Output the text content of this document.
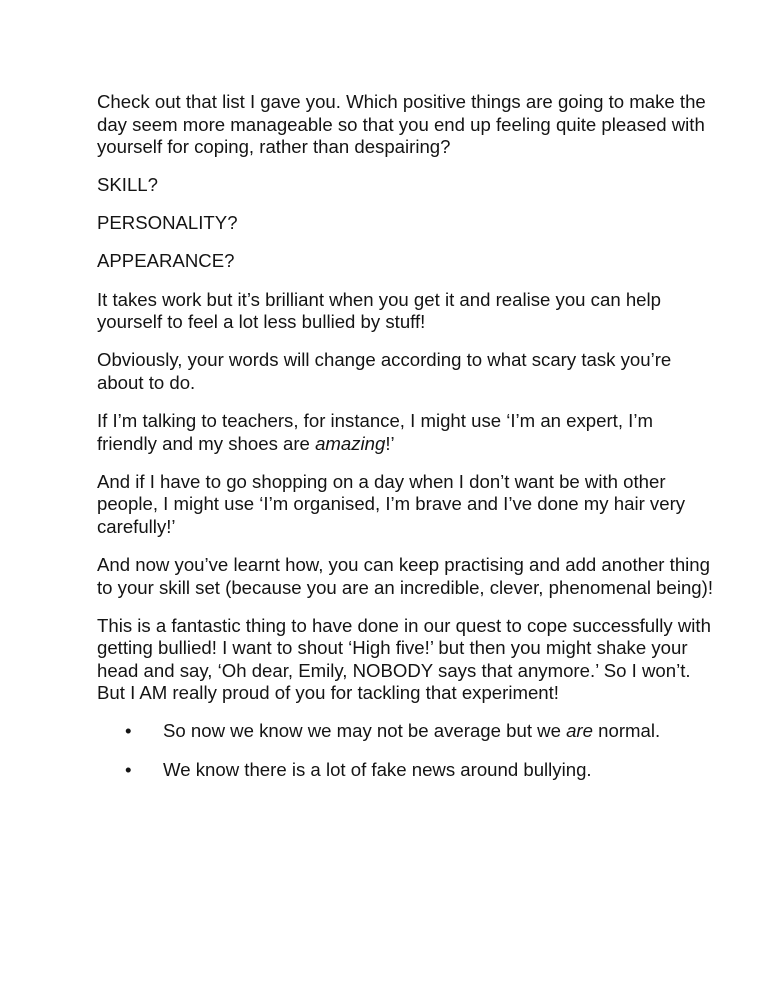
Check out that list I gave you. Which positive things are going to make the day seem more manageable so that you end up feeling quite pleased with yourself for coping, rather than despairing?

SKILL?

PERSONALITY?

APPEARANCE?

It takes work but it’s brilliant when you get it and realise you can help yourself to feel a lot less bullied by stuff!

Obviously, your words will change according to what scary task you’re about to do.

If I’m talking to teachers, for instance, I might use ‘I’m an expert, I’m friendly and my shoes are amazing!’

And if I have to go shopping on a day when I don’t want be with other people, I might use ‘I’m organised, I’m brave and I’ve done my hair very carefully!’

And now you’ve learnt how, you can keep practising and add another thing to your skill set (because you are an incredible, clever, phenomenal being)!

This is a fantastic thing to have done in our quest to cope successfully with getting bullied! I want to shout ‘High five!’ but then you might shake your head and say, ‘Oh dear, Emily, NOBODY says that anymore.’ So I won’t. But I AM really proud of you for tackling that experiment!

• So now we know we may not be average but we are normal.
• We know there is a lot of fake news around bullying.
